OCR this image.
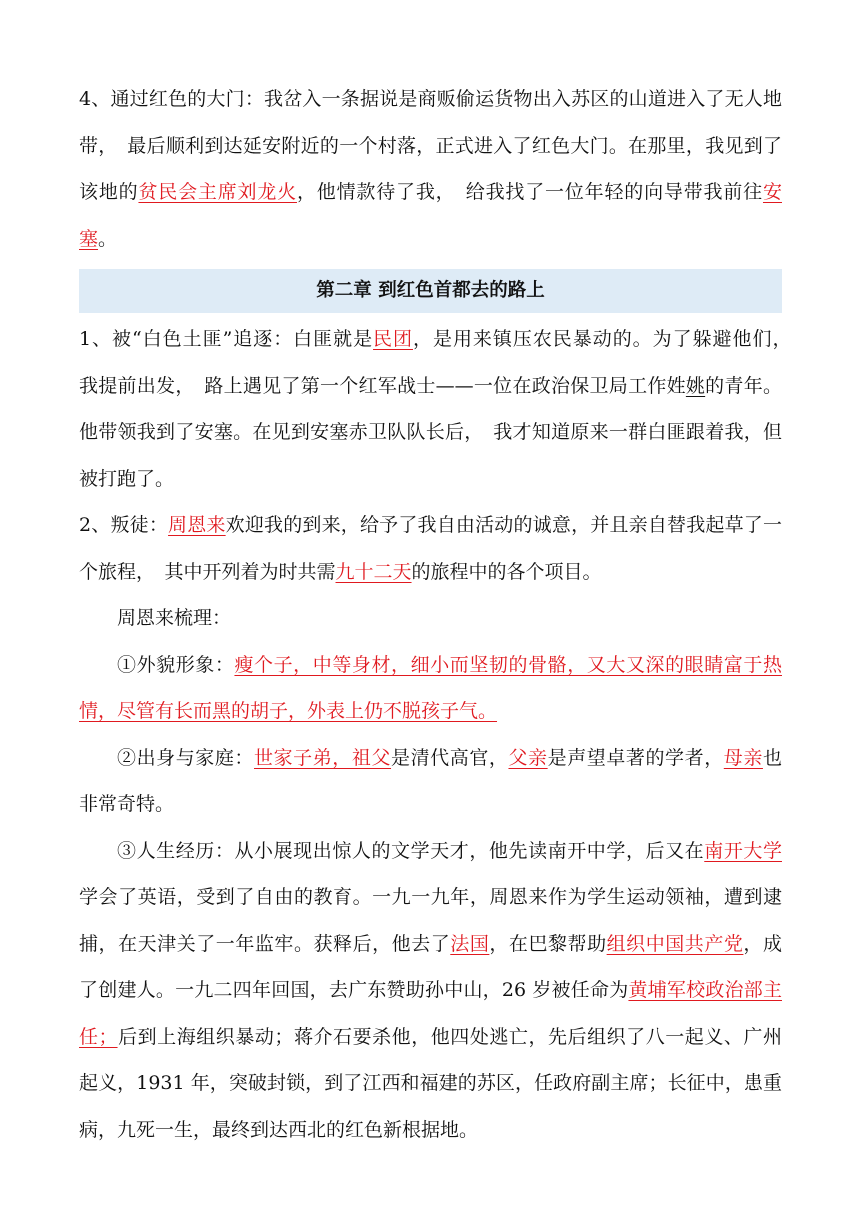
4、通过红色的大门：我岔入一条据说是商贩偷运货物出入苏区的山道进入了无人地带，　最后顺利到达延安附近的一个村落，正式进入了红色大门。在那里，我见到了该地的贫民会主席刘龙火，他情款待了我，　给我找了一位年轻的向导带我前往安塞。

第二章 到红色首都去的路上

1、被“白色土匪”追逐：白匪就是民团，是用来镇压农民暴动的。为了躲避他们，　我提前出发，　路上遇见了第一个红军战士——一位在政治保卫局工作姓姚的青年。他带领我到了安塞。在见到安塞赤卫队队长后，　我才知道原来一群白匪跟着我，但被打跑了。

2、叛徒：周恩来欢迎我的到来，给予了我自由活动的诚意，并且亲自替我起草了一个旅程，　其中开列着为时共需九十二天的旅程中的各个项目。

周恩来梳理：

①外貌形象：瘦个子，中等身材，细小而坚韧的骨骼，又大又深的眼睛富于热情，尽管有长而黑的胡子，外表上仍不脱孩子气。

②出身与家庭：世家子弟，祖父是清代高官，父亲是声望卓著的学者，母亲也非常奇特。

③人生经历：从小展现出惊人的文学天才，他先读南开中学，后又在南开大学学会了英语，受到了自由的教育。一九一九年，周恩来作为学生运动领袖，遭到逮捕，在天津关了一年监牢。获释后，他去了法国，在巴黎帮助组织中国共产党，成了创建人。一九二四年回国，去广东赞助孙中山，26 岁被任命为黄埔军校政治部主任；后到上海组织暴动；蒋介石要杀他，他四处逃亡，先后组织了八一起义、广州起义，1931 年，突破封锁，到了江西和福建的苏区，任政府副主席；长征中，患重病，九死一生，最终到达西北的红色新根据地。
